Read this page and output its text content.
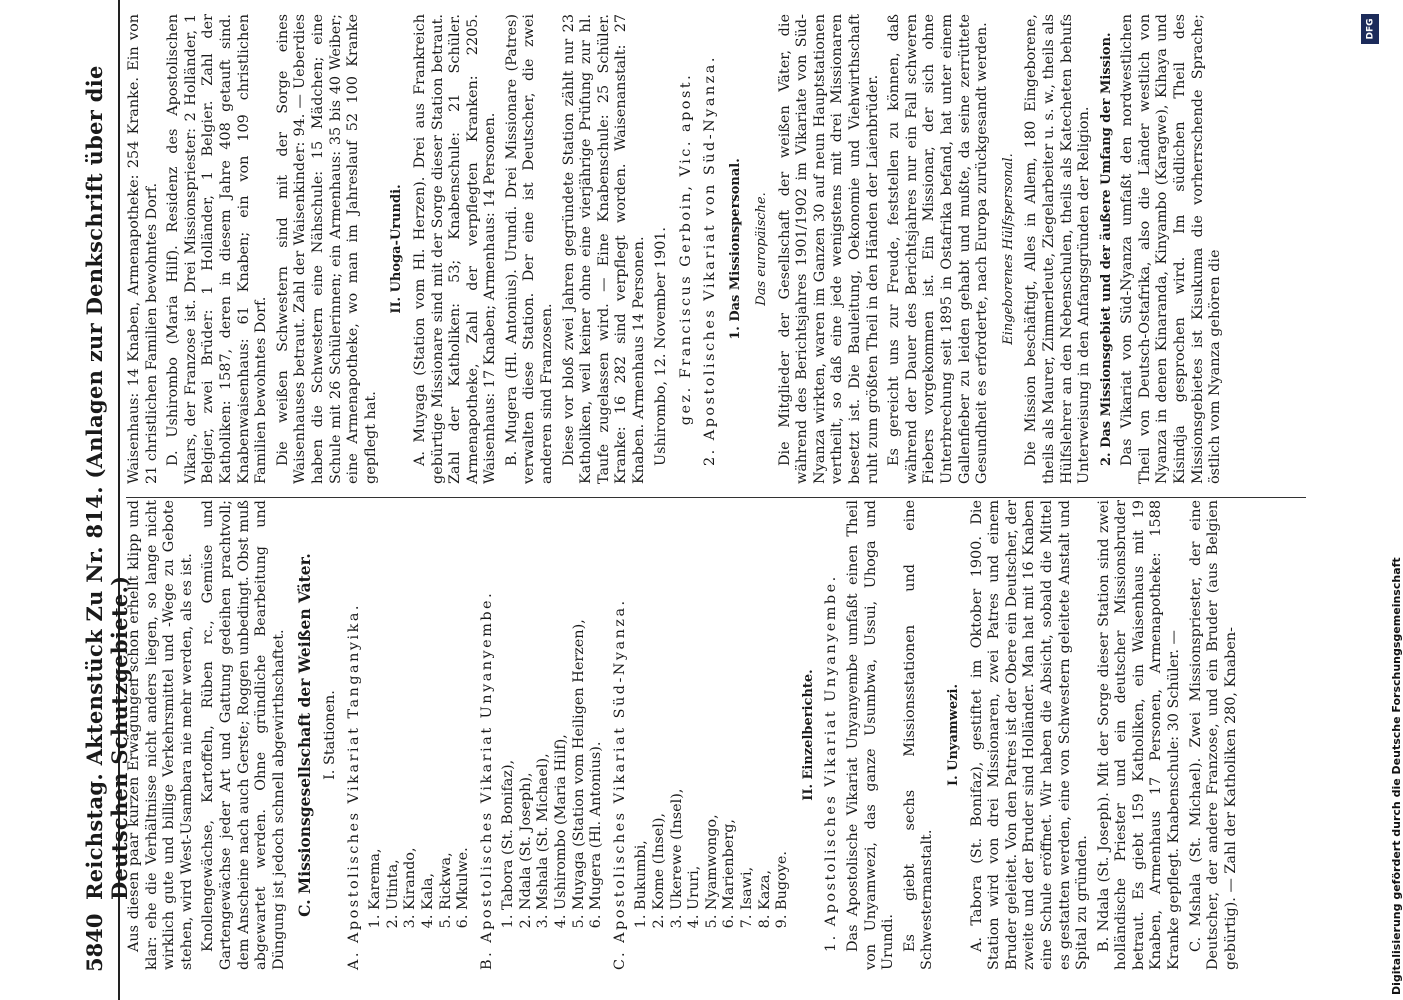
5840
Reichstag. Aktenstück Zu Nr. 814. (Anlagen zur Denkschrift über die Deutschen Schutzgebiete.)

Aus diesen paar kurzen Erwägungen schon erhellt klipp und klar: ehe die Verhältnisse nicht anders liegen, so lange nicht wirklich gute und billige Verkehrsmittel und -Wege zu Gebote stehen, wird West-Usambara nie mehr werden, als es ist. Knollengewächse, Kartoffeln, Rüben rc., Gemüse und Gartengewächse jeder Art und Gattung gedeihen prachtvoll; dem Anscheine nach auch Gerste; Roggen unbedingt. Obst muß abgewartet werden. Ohne gründliche Bearbeitung und Düngung ist jedoch schnell abgewirthschaftet. C. Missionsgesellschaft der Weißen Väter. I. Stationen. A. Apostolisches Vikariat Tanganyika. 1. Karema, 2. Utinta, 3. Kirando, 4. Kala, 5. Rickwa, 6. Mkulwe. B. Apostolisches Vikariat Unyanyembe. 1. Tabora (St. Bonifaz), 2. Ndala (St. Joseph), 3. Mshala (St. Michael), 4. Ushirombo (Maria Hilf), 5. Muyaga (Station vom Heiligen Herzen), 6. Mugera (Hl. Antonius). C. Apostolisches Vikariat Süd-Nyanza. 1. Bukumbi, 2. Kome (Insel), 3. Ukerewe (Insel), 4. Ururi, 5. Nyamwongo, 6. Marienberg, 7. Isawi, 8. Kaza, 9. Bugoye.

II. Einzelberichte. 1. Apostolisches Vikariat Unyanyembe. Das Apostolische Vikariat Unyanyembe umfaßt einen Theil von Unyamwezi, das ganze Usumbwa, Ussui, Uhoga und Urundi. Es giebt sechs Missionsstationen und eine Schwesternanstalt.

I. Unyamwezi. A. Tabora (St. Bonifaz), gestiftet im Oktober 1900. Die Station wird von drei Missionaren, zwei Patres und einem Bruder geleitet. Von den Patres ist der Obere ein Deutscher, der zweite und der Bruder sind Holländer. Man hat mit 16 Knaben eine Schule eröffnet. Wir haben die Absicht, sobald die Mittel es gestatten werden, eine von Schwestern geleitete Anstalt und Spital zu gründen. B. Ndala (St. Joseph). Mit der Sorge dieser Station sind zwei holländische Priester und ein deutscher Missionsbruder betraut. Es giebt 159 Katholiken, ein Waisenhaus mit 19 Knaben, Armenhaus 17 Personen, Armenapotheke: 1588 Kranke gepflegt. Knabenschule: 30 Schüler. — C. Mshala (St. Michael). Zwei Missionspriester, der eine Deutscher, der andere Franzose, und ein Bruder (aus Belgien gebürtig). — Zahl der Katholiken 280, Knaben-

Waisenhaus: 14 Knaben, Armenapotheke: 254 Kranke. Ein von 21 christlichen Familien bewohntes Dorf. D. Ushirombo (Maria Hilf). Residenz des Apostolischen Vikars, der Franzose ist. Drei Missionspriester: 2 Holländer, 1 Belgier, zwei Brüder: 1 Holländer, 1 Belgier. Zahl der Katholiken: 1587, deren in diesem Jahre 408 getauft sind. Knabenwaisenhaus: 61 Knaben; ein von 109 christlichen Familien bewohntes Dorf. Die weißen Schwestern sind mit der Sorge eines Waisenhauses betraut. Zahl der Waisenkinder: 94. — Ueberdies haben die Schwestern eine Nähschule: 15 Mädchen; eine Schule mit 26 Schülerinnen; ein Armenhaus: 35 bis 40 Weiber; eine Armenapotheke, wo man im Jahreslauf 52 100 Kranke gepflegt hat.

II. Uhoga-Urundi. A. Muyaga (Station vom Hl. Herzen). Drei aus Frankreich gebürtige Missionare sind mit der Sorge dieser Station betraut. Zahl der Katholiken: 53; Knabenschule: 21 Schüler. Armenapotheke, Zahl der verpflegten Kranken: 2205. Waisenhaus: 17 Knaben; Armenhaus: 14 Personen. B. Mugera (Hl. Antonius). Urundi. Drei Missionare (Patres) verwalten diese Station. Der eine ist Deutscher, die zwei anderen sind Franzosen. Diese vor bloß zwei Jahren gegründete Station zählt nur 23 Katholiken, weil keiner ohne eine vierjährige Prüfung zur hl. Taufe zugelassen wird. — Eine Knabenschule: 25 Schüler. Kranke: 16 282 sind verpflegt worden. Waisenanstalt: 27 Knaben. Armenhaus 14 Personen. Ushirombo, 12. November 1901. gez. Franciscus Gerboin, Vic. apost. 2. Apostolisches Vikariat von Süd-Nyanza. 1. Das Missionspersonal. Das europäische. Die Mitglieder der Gesellschaft der weißen Väter, die während des Berichtsjahres 1901/1902 im Vikariate von Süd-Nyanza wirkten, waren im Ganzen 30 auf neun Hauptstationen vertheilt, so daß eine jede wenigstens mit drei Missionaren besetzt ist. Die Bauleitung, Oekonomie und Viehwirthschaft ruht zum größten Theil in den Händen der Laienbrüder. Es gereicht uns zur Freude, feststellen zu können, daß während der Dauer des Berichtsjahres nur ein Fall schweren Fiebers vorgekommen ist. Ein Missionar, der sich ohne Unterbrechung seit 1895 in Ostafrika befand, hat unter einem Gallenfieber zu leiden gehabt und mußte, da seine zerrüttete Gesundheit es erforderte, nach Europa zurückgesandt werden. Eingeborenes Hülfspersonal. Die Mission beschäftigt, Alles in Allem, 180 Eingeborene, theils als Maurer, Zimmerleute, Ziegelarbeiter u. s. w., theils als Hülfslehrer an den Nebenschulen, theils als Katecheten behufs Unterweisung in den Anfangsgründen der Religion. 2. Das Missionsgebiet und der äußere Umfang der Mission. Das Vikariat von Süd-Nyanza umfaßt den nordwestlichen Theil von Deutsch-Ostafrika, also die Länder westlich von Nyanza in denen Kinaranda, Kinyambo (Karagwe), Kihaya und Kisindja gesprochen wird. Im südlichen Theil des Missionsgebietes ist Kisukuma die vorherrschende Sprache; östlich vom Nyanza gehören die

DFG
Digitalisierung gefördert durch die Deutsche Forschungsgemeinschaft
